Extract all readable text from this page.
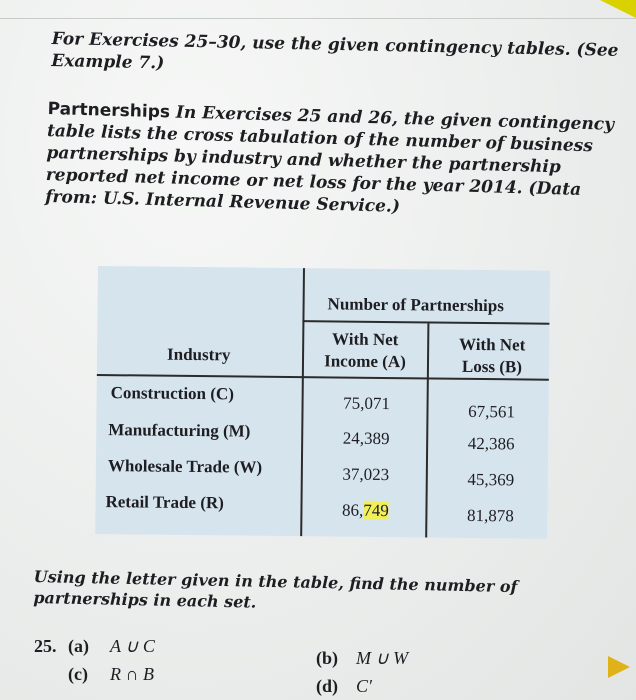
For Exercises 25–30, use the given contingency tables. (See Example 7.)
Partnerships In Exercises 25 and 26, the given contingency table lists the cross tabulation of the number of business partnerships by industry and whether the partnership reported net income or net loss for the year 2014. (Data from: U.S. Internal Revenue Service.)
Number of Partnerships
Industry
With Net
Income (A)
With Net
Loss (B)
Construction (C)	75,071	67,561
Manufacturing (M)	24,389	42,386
Wholesale Trade (W)	37,023	45,369
Retail Trade (R)	86,749	81,878
Using the letter given in the table, find the number of partnerships in each set.
25. (a) A ∪ C
(c) R ∩ B
(b) M ∪ W
(d) C′
